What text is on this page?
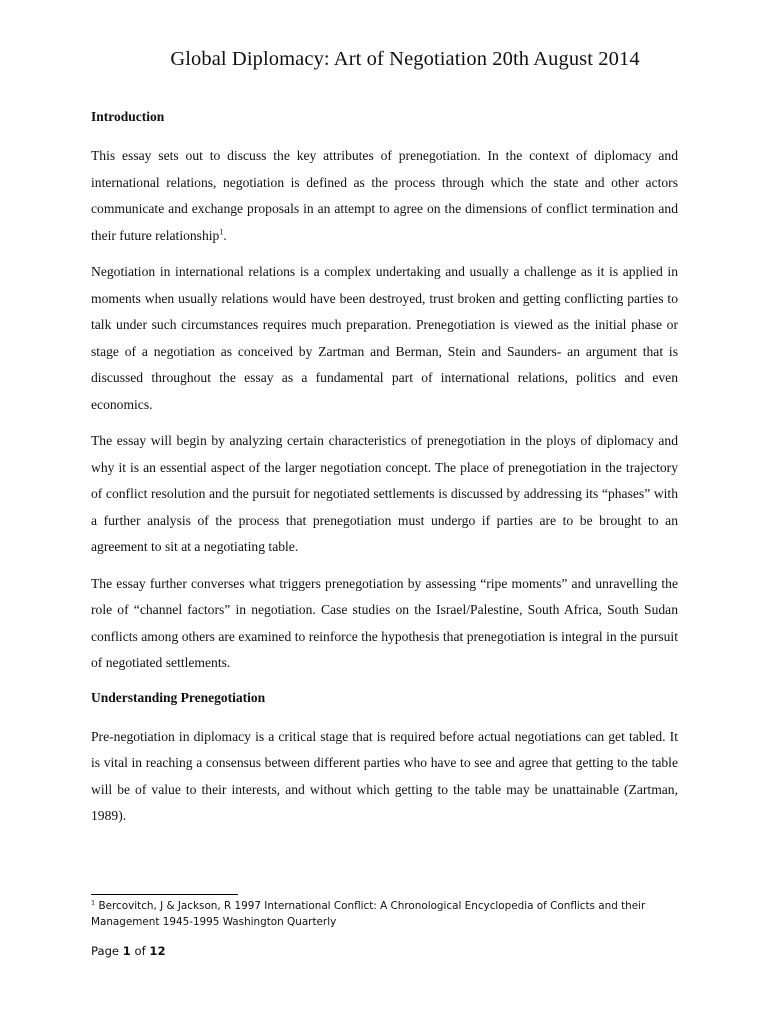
Global Diplomacy: Art of Negotiation 20th August 2014
Introduction

This essay sets out to discuss the key attributes of prenegotiation. In the context of diplomacy and international relations, negotiation is defined as the process through which the state and other actors communicate and exchange proposals in an attempt to agree on the dimensions of conflict termination and their future relationship$^1$.

Negotiation in international relations is a complex undertaking and usually a challenge as it is applied in moments when usually relations would have been destroyed, trust broken and getting conflicting parties to talk under such circumstances requires much preparation. Prenegotiation is viewed as the initial phase or stage of a negotiation as conceived by Zartman and Berman, Stein and Saunders- an argument that is discussed throughout the essay as a fundamental part of international relations, politics and even economics.

The essay will begin by analyzing certain characteristics of prenegotiation in the ploys of diplomacy and why it is an essential aspect of the larger negotiation concept. The place of prenegotiation in the trajectory of conflict resolution and the pursuit for negotiated settlements is discussed by addressing its “phases” with a further analysis of the process that prenegotiation must undergo if parties are to be brought to an agreement to sit at a negotiating table.

The essay further converses what triggers prenegotiation by assessing “ripe moments” and unravelling the role of “channel factors” in negotiation. Case studies on the Israel/Palestine, South Africa, South Sudan conflicts among others are examined to reinforce the hypothesis that prenegotiation is integral in the pursuit of negotiated settlements.

Understanding Prenegotiation

Pre-negotiation in diplomacy is a critical stage that is required before actual negotiations can get tabled. It is vital in reaching a consensus between different parties who have to see and agree that getting to the table will be of value to their interests, and without which getting to the table may be unattainable (Zartman, 1989).

$^1$ Bercovitch, J & Jackson, R 1997 International Conflict: A Chronological Encyclopedia of Conflicts and their Management 1945-1995 Washington Quarterly
Page 1 of 12
